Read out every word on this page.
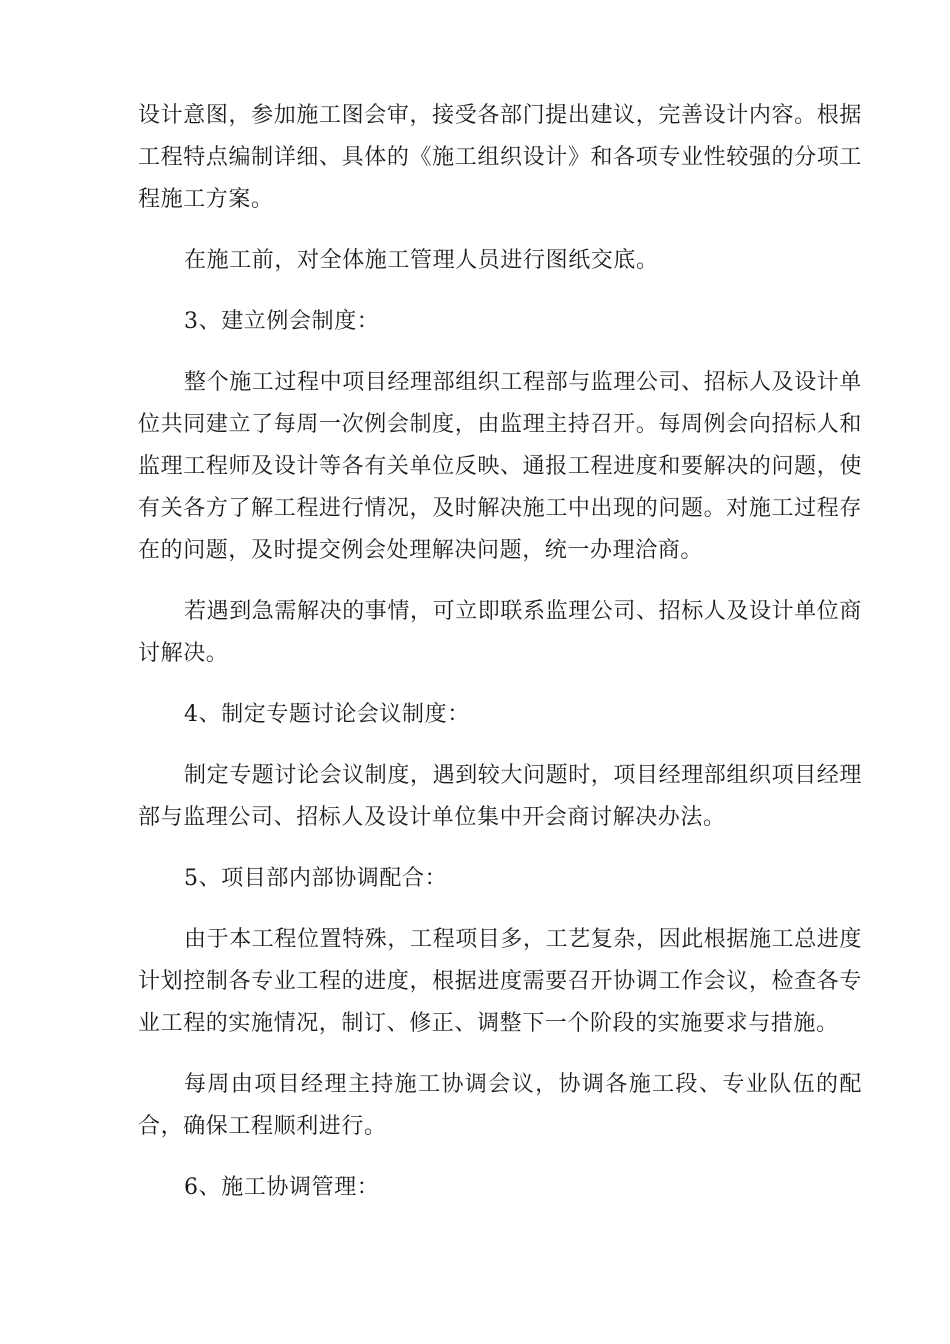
设计意图，参加施工图会审，接受各部门提出建议，完善设计内容。根据工程特点编制详细、具体的《施工组织设计》和各项专业性较强的分项工程施工方案。

在施工前，对全体施工管理人员进行图纸交底。

3、建立例会制度：

整个施工过程中项目经理部组织工程部与监理公司、招标人及设计单位共同建立了每周一次例会制度，由监理主持召开。每周例会向招标人和监理工程师及设计等各有关单位反映、通报工程进度和要解决的问题，使有关各方了解工程进行情况，及时解决施工中出现的问题。对施工过程存在的问题，及时提交例会处理解决问题，统一办理洽商。

若遇到急需解决的事情，可立即联系监理公司、招标人及设计单位商讨解决。

4、制定专题讨论会议制度：

制定专题讨论会议制度，遇到较大问题时，项目经理部组织项目经理部与监理公司、招标人及设计单位集中开会商讨解决办法。

5、项目部内部协调配合：

由于本工程位置特殊，工程项目多，工艺复杂，因此根据施工总进度计划控制各专业工程的进度，根据进度需要召开协调工作会议，检查各专业工程的实施情况，制订、修正、调整下一个阶段的实施要求与措施。

每周由项目经理主持施工协调会议，协调各施工段、专业队伍的配合，确保工程顺利进行。

6、施工协调管理：
